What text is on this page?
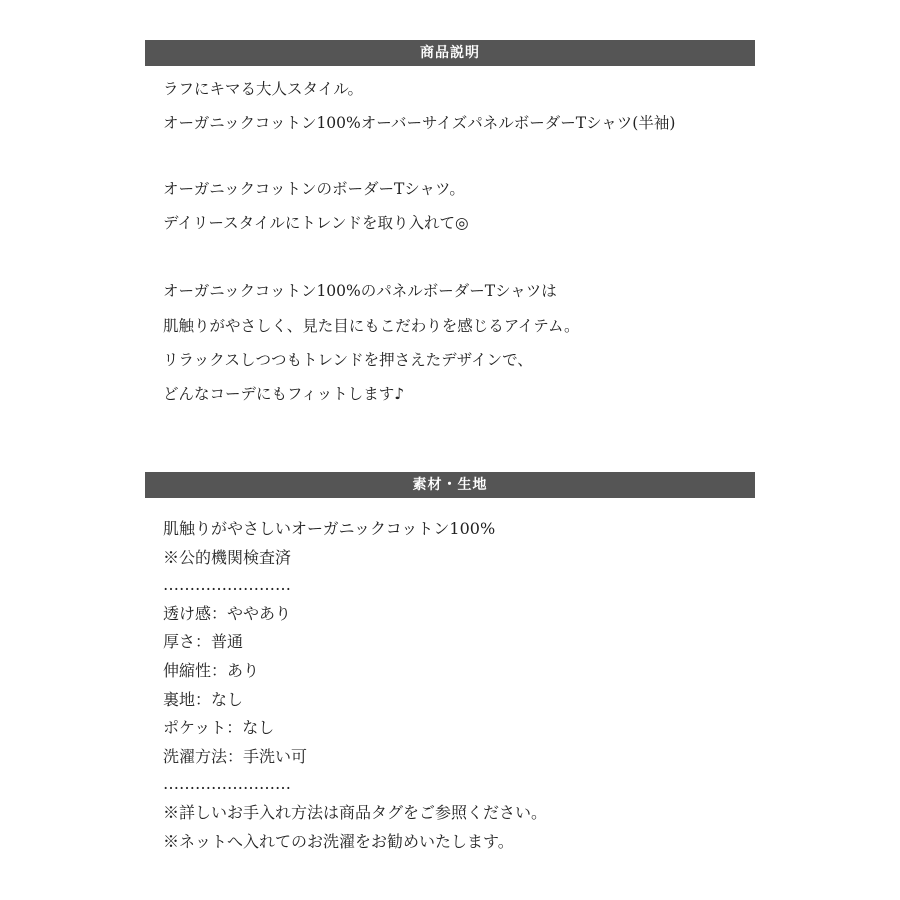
商品説明
ラフにキマる大人スタイル。
オーガニックコットン100%オーバーサイズパネルボーダーTシャツ(半袖)
オーガニックコットンのボーダーTシャツ。
デイリースタイルにトレンドを取り入れて◎
オーガニックコットン100%のパネルボーダーTシャツは
肌触りがやさしく、見た目にもこだわりを感じるアイテム。
リラックスしつつもトレンドを押さえたデザインで、
どんなコーデにもフィットします♪
素材・生地
肌触りがやさしいオーガニックコットン100%
※公的機関検査済
……………………
透け感：ややあり
厚さ：普通
伸縮性：あり
裏地：なし
ポケット：なし
洗濯方法：手洗い可
……………………
※詳しいお手入れ方法は商品タグをご参照ください。
※ネットへ入れてのお洗濯をお勧めいたします。
